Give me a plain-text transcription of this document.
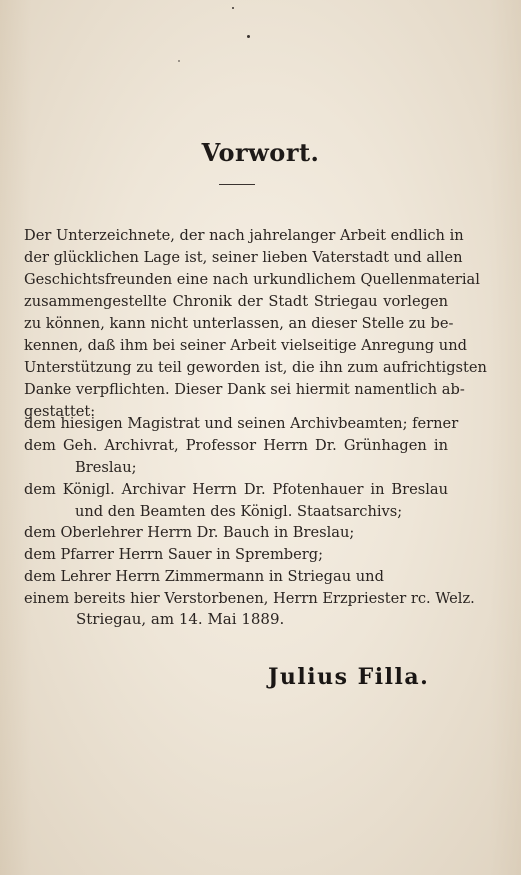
Vorwort.
Der Unterzeichnete, der nach jahrelanger Arbeit endlich in
der glücklichen Lage ist, seiner lieben Vaterstadt und allen
Geschichtsfreunden eine nach urkundlichem Quellenmaterial
zusammengestellte Chronik der Stadt Striegau vorlegen
zu können, kann nicht unterlassen, an dieser Stelle zu be-
kennen, daß ihm bei seiner Arbeit vielseitige Anregung und
Unterstützung zu teil geworden ist, die ihn zum aufrichtigsten
Danke verpflichten. Dieser Dank sei hiermit namentlich ab-
gestattet:
dem hiesigen Magistrat und seinen Archivbeamten; ferner
dem Geh. Archivrat, Professor Herrn Dr. Grünhagen in
Breslau;
dem Königl. Archivar Herrn Dr. Pfotenhauer in Breslau
und den Beamten des Königl. Staatsarchivs;
dem Oberlehrer Herrn Dr. Bauch in Breslau;
dem Pfarrer Herrn Sauer in Spremberg;
dem Lehrer Herrn Zimmermann in Striegau und
einem bereits hier Verstorbenen, Herrn Erzpriester rc. Welz.
Striegau, am 14. Mai 1889.
Julius Filla.
